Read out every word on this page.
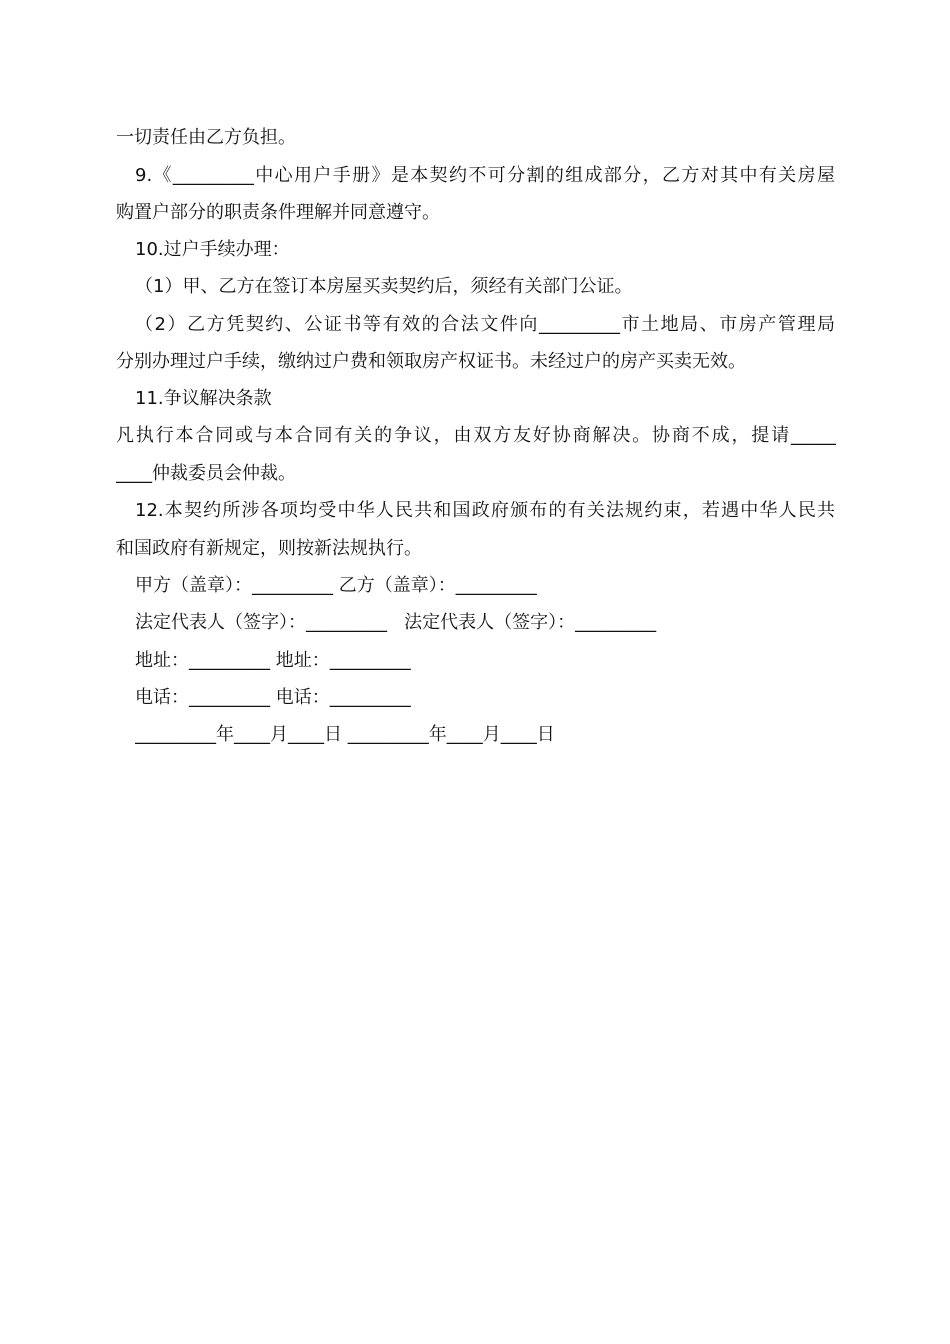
一切责任由乙方负担。
9.《_________中心用户手册》是本契约不可分割的组成部分，乙方对其中有关房屋
购置户部分的职责条件理解并同意遵守。
10.过户手续办理：
（1）甲、乙方在签订本房屋买卖契约后，须经有关部门公证。
（2）乙方凭契约、公证书等有效的合法文件向_________市土地局、市房产管理局
分别办理过户手续，缴纳过户费和领取房产权证书。未经过户的房产买卖无效。
11.争议解决条款
凡执行本合同或与本合同有关的争议，由双方友好协商解决。协商不成，提请_____
____仲裁委员会仲裁。
12.本契约所涉各项均受中华人民共和国政府颁布的有关法规约束，若遇中华人民共
和国政府有新规定，则按新法规执行。
甲方（盖章）：_________ 乙方（盖章）：_________
法定代表人（签字）：_________ 法定代表人（签字）：_________
地址：_________ 地址：_________
电话：_________ 电话：_________
_________年____月____日 _________年____月____日
